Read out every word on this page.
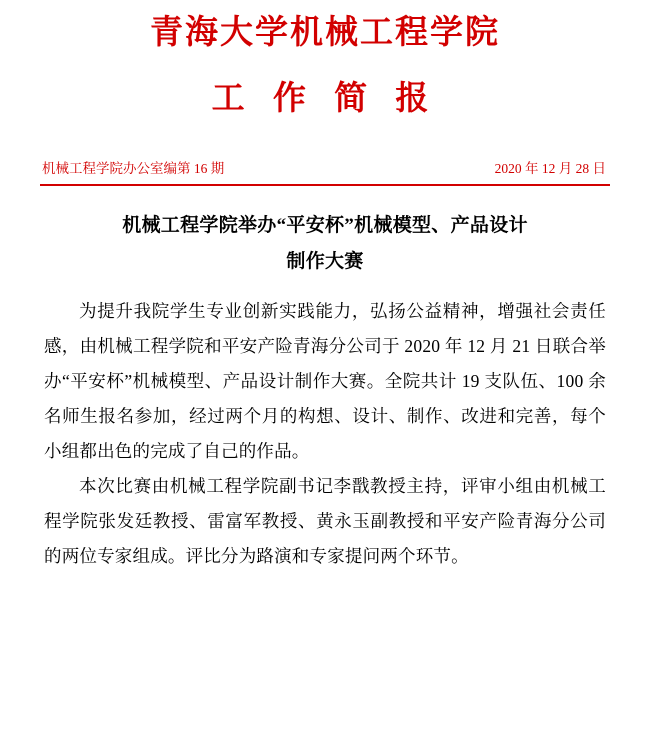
青海大学机械工程学院
工 作 简 报
机械工程学院办公室编第 16 期	2020 年 12 月 28 日
机械工程学院举办“平安杯”机械模型、产品设计
制作大赛

为提升我院学生专业创新实践能力，弘扬公益精神，增强社会责任感，由机械工程学院和平安产险青海分公司于 2020 年 12 月 21 日联合举办“平安杯”机械模型、产品设计制作大赛。全院共计 19 支队伍、100 余名师生报名参加，经过两个月的构想、设计、制作、改进和完善，每个小组都出色的完成了自己的作品。

本次比赛由机械工程学院副书记李戬教授主持，评审小组由机械工程学院张发廷教授、雷富军教授、黄永玉副教授和平安产险青海分公司的两位专家组成。评比分为路演和专家提问两个环节。
